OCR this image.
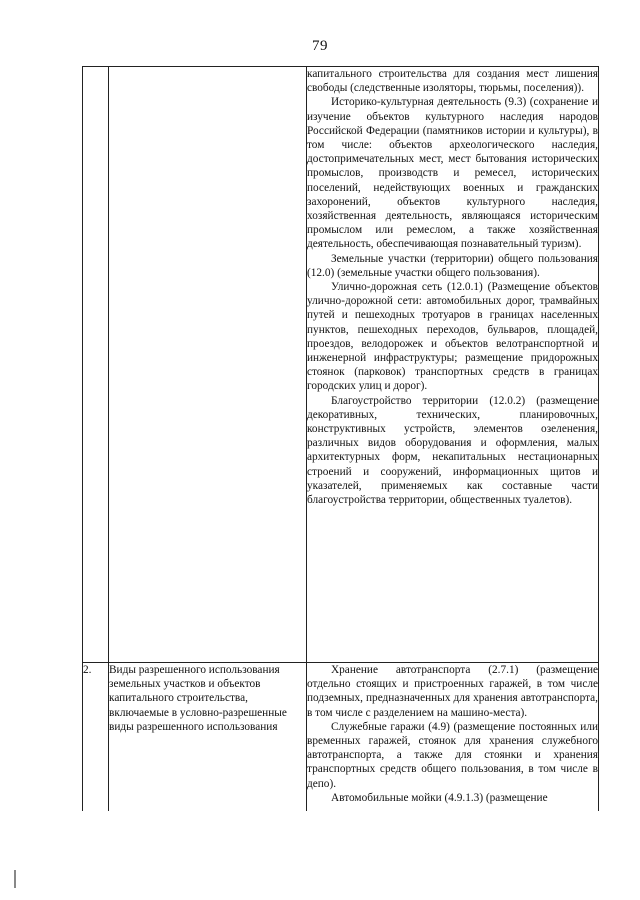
79

		капитального строительства для создания мест лишения свободы (следственные изоляторы, тюрьмы, поселения)).

Историко-культурная деятельность (9.3) (сохранение и изучение объектов культурного наследия народов Российской Федерации (памятников истории и культуры), в том числе: объектов археологического наследия, достопримечательных мест, мест бытования исторических промыслов, производств и ремесел, исторических поселений, недействующих военных и гражданских захоронений, объектов культурного наследия, хозяйственная деятельность, являющаяся историческим промыслом или ремеслом, а также хозяйственная деятельность, обеспечивающая познавательный туризм).

Земельные участки (территории) общего пользования (12.0) (земельные участки общего пользования).

Улично-дорожная сеть (12.0.1) (Размещение объектов улично-дорожной сети: автомобильных дорог, трамвайных путей и пешеходных тротуаров в границах населенных пунктов, пешеходных переходов, бульваров, площадей, проездов, велодорожек и объектов велотранспортной и инженерной инфраструктуры; размещение придорожных стоянок (парковок) транспортных средств в границах городских улиц и дорог).

Благоустройство территории (12.0.2) (размещение декоративных, технических, планировочных, конструктивных устройств, элементов озеленения, различных видов оборудования и оформления, малых архитектурных форм, некапитальных нестационарных строений и сооружений, информационных щитов и указателей, применяемых как составные части благоустройства территории, общественных туалетов).

2.	Виды разрешенного использования земельных участков и объектов капитального строительства, включаемые в условно-разрешенные виды разрешенного использования	Хранение автотранспорта (2.7.1) (размещение отдельно стоящих и пристроенных гаражей, в том числе подземных, предназначенных для хранения автотранспорта, в том числе с разделением на машино-места).

Служебные гаражи (4.9) (размещение постоянных или временных гаражей, стоянок для хранения служебного автотранспорта, а также для стоянки и хранения транспортных средств общего пользования, в том числе в депо).

Автомобильные мойки (4.9.1.3) (размещение
